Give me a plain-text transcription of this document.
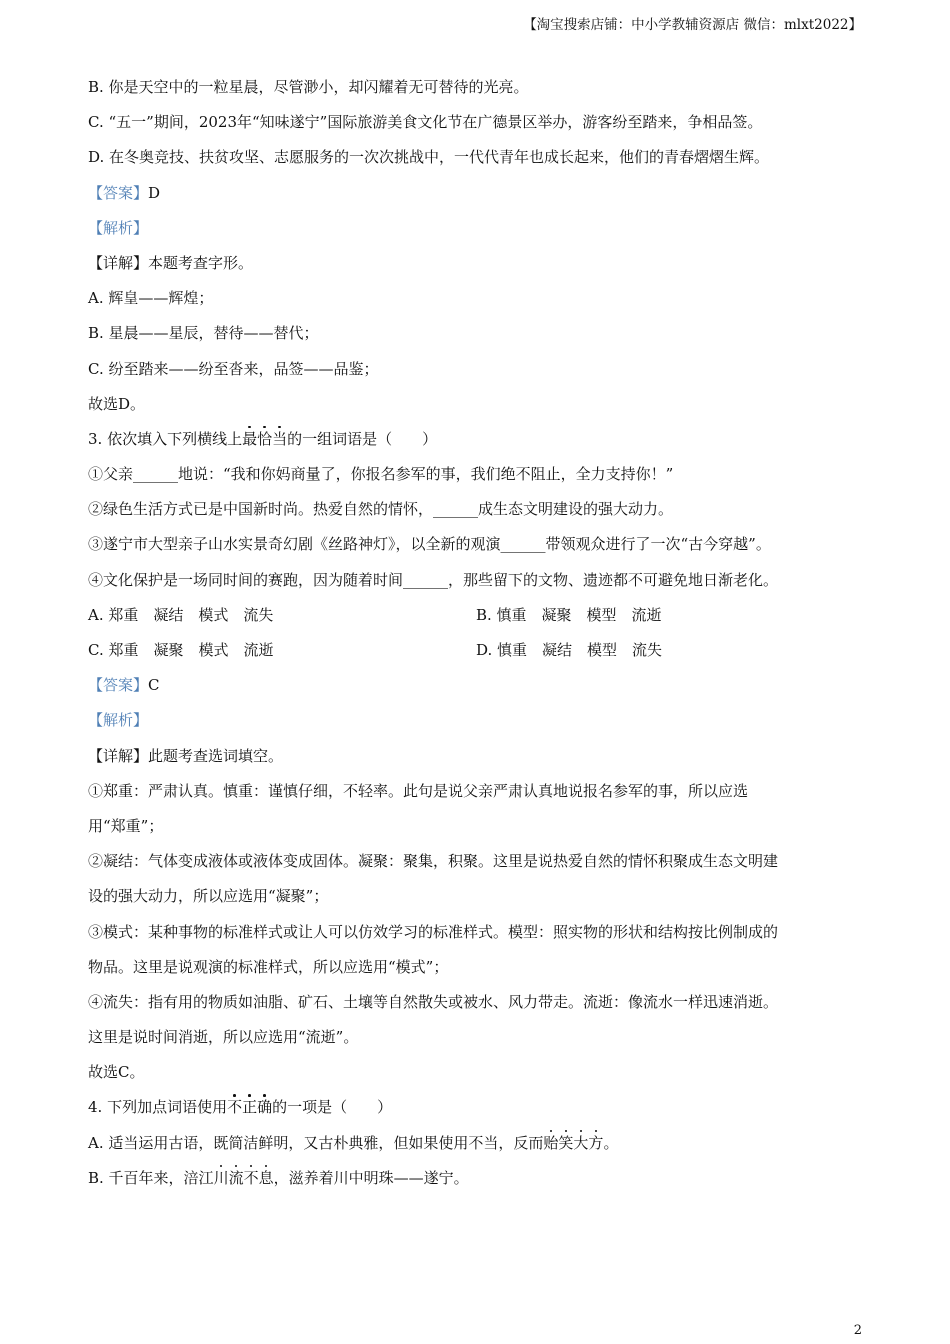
【淘宝搜索店铺：中小学教辅资源店 微信：mlxt2022】
B. 你是天空中的一粒星晨，尽管渺小，却闪耀着无可替待的光亮。
C. “五一”期间，2023年“知味遂宁”国际旅游美食文化节在广德景区举办，游客纷至踏来，争相品签。
D. 在冬奥竞技、扶贫攻坚、志愿服务的一次次挑战中，一代代青年也成长起来，他们的青春熠熠生辉。
【答案】D
【解析】
【详解】本题考查字形。
A. 辉皇——辉煌；
B. 星晨——星辰，替待——替代；
C. 纷至踏来——纷至沓来，品签——品鉴；
故选D。
3. 依次填入下列横线上最恰当的一组词语是（　　）
①父亲______地说：“我和你妈商量了，你报名参军的事，我们绝不阻止，全力支持你！”
②绿色生活方式已是中国新时尚。热爱自然的情怀，______成生态文明建设的强大动力。
③遂宁市大型亲子山水实景奇幻剧《丝路神灯》，以全新的观演______带领观众进行了一次“古今穿越”。
④文化保护是一场同时间的赛跑，因为随着时间______，那些留下的文物、遗迹都不可避免地日渐老化。
A. 郑重　凝结　模式　流失	B. 慎重　凝聚　模型　流逝
C. 郑重　凝聚　模式　流逝	D. 慎重　凝结　模型　流失
【答案】C
【解析】
【详解】此题考查选词填空。
①郑重：严肃认真。慎重：谨慎仔细，不轻率。此句是说父亲严肃认真地说报名参军的事，所以应选
用“郑重”；
②凝结：气体变成液体或液体变成固体。凝聚：聚集，积聚。这里是说热爱自然的情怀积聚成生态文明建
设的强大动力，所以应选用“凝聚”；
③模式：某种事物的标准样式或让人可以仿效学习的标准样式。模型：照实物的形状和结构按比例制成的
物品。这里是说观演的标准样式，所以应选用“模式”；
④流失：指有用的物质如油脂、矿石、土壤等自然散失或被水、风力带走。流逝：像流水一样迅速消逝。
这里是说时间消逝，所以应选用“流逝”。
故选C。
4. 下列加点词语使用不正确的一项是（　　）
A. 适当运用古语，既简洁鲜明，又古朴典雅，但如果使用不当，反而贻笑大方。
B. 千百年来，涪江川流不息，滋养着川中明珠——遂宁。
2
